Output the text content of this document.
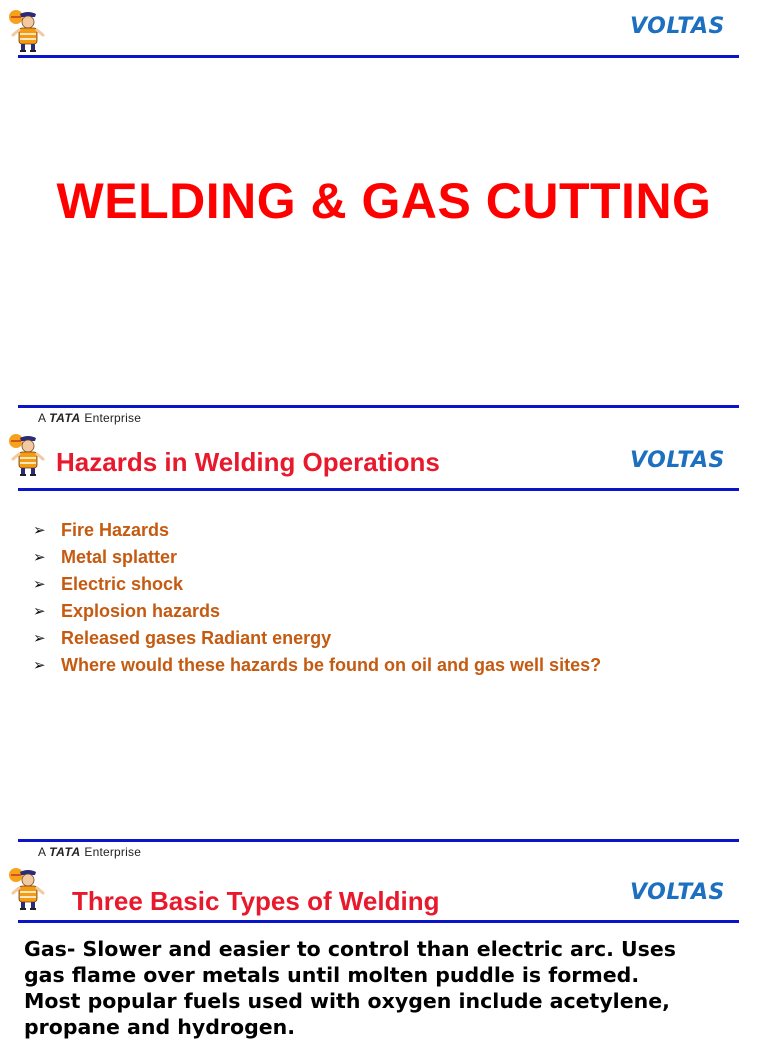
VOLTAS
WELDING & GAS CUTTING
A TATA Enterprise
Hazards in Welding Operations	VOLTAS
➢ Fire Hazards
➢ Metal splatter
➢ Electric shock
➢ Explosion hazards
➢ Released gases Radiant energy
➢ Where would these hazards be found on oil and gas well sites?
A TATA Enterprise
Three Basic Types of Welding	VOLTAS
Gas- Slower and easier to control than electric arc. Uses
gas flame over metals until molten puddle is formed.
Most popular fuels used with oxygen include acetylene,
propane and hydrogen.
